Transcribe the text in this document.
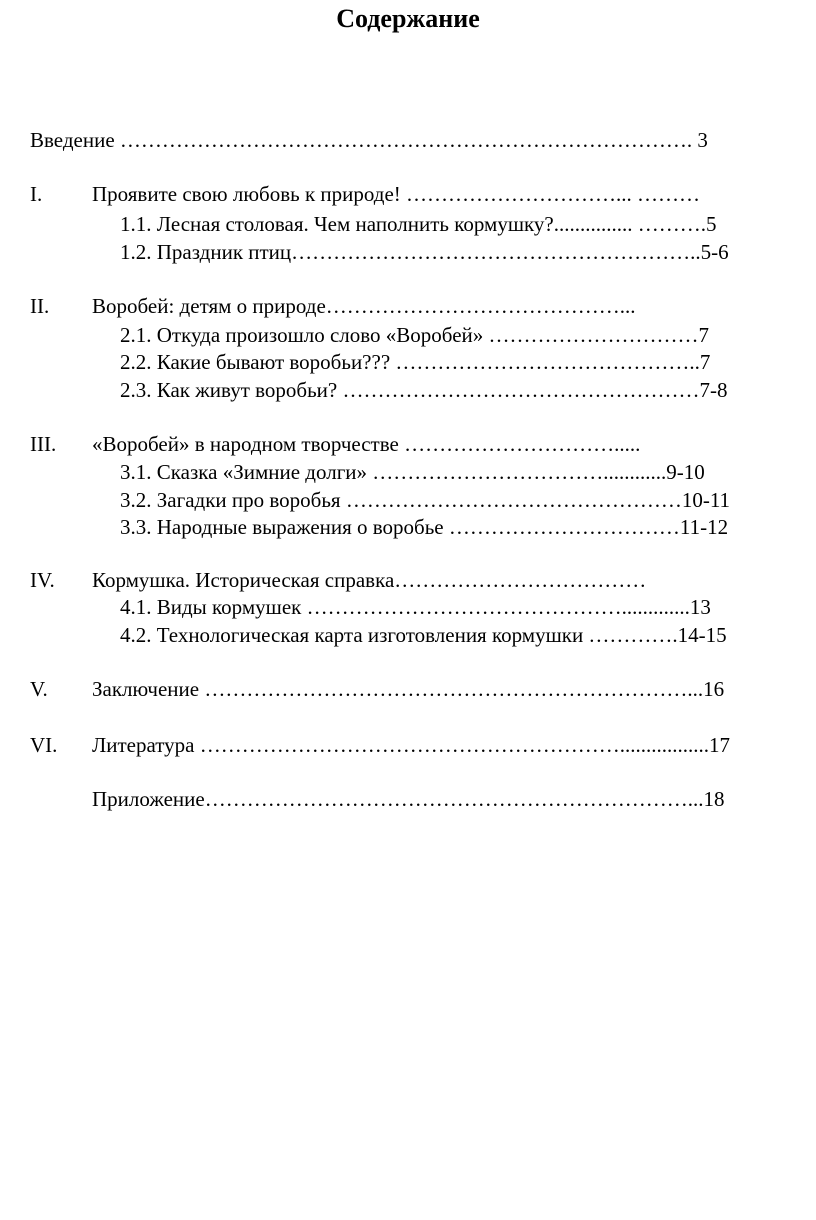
Содержание
Введение ………………………………………………………………………. 3
I. Проявите свою любовь к природе! …………………………... ………
1.1. Лесная столовая. Чем наполнить кормушку?............... ……….5
1.2. Праздник птиц…………………………………………………..5-6
II. Воробей: детям о природе……………………………………...
2.1. Откуда произошло слово «Воробей» …………………………7
2.2. Какие бывают воробьи??? ……………………………………..7
2.3. Как живут воробьи? ……………………………………………7-8
III. «Воробей» в народном творчестве ………………………….....
3.1. Сказка «Зимние долги» ……………………………............9-10
3.2. Загадки про воробья …………………………………………10-11
3.3. Народные выражения о воробье ……………………………11-12
IV. Кормушка. Историческая справка………………………………
4.1. Виды кормушек ……………………………………….............13
4.2. Технологическая карта изготовления кормушки ………….14-15
V. Заключение ……………………………………………………………...16
VI. Литература …………………………………………………….................17
Приложение……………………………………………………………...18
